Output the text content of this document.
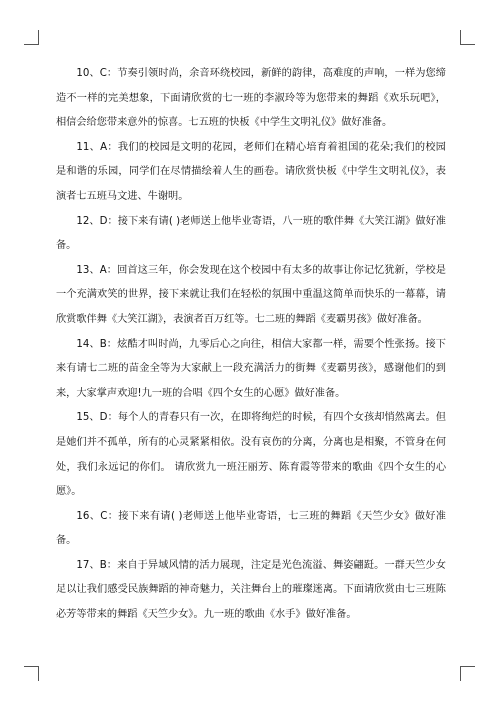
10、C：节奏引领时尚，余音环绕校园，新鲜的韵律，高难度的声响，一样为您缔造不一样的完美想象，下面请欣赏的七一班的李淑玲等为您带来的舞蹈《欢乐玩吧》，相信会给您带来意外的惊喜。七五班的快板《中学生文明礼仪》做好准备。

11、A：我们的校园是文明的花园，老师们在精心培育着祖国的花朵;我们的校园是和谐的乐园，同学们在尽情描绘着人生的画卷。请欣赏快板《中学生文明礼仪》，表演者七五班马文进、牛谢明。

12、D：接下来有请( )老师送上他毕业寄语，八一班的歌伴舞《大笑江湖》做好准备。

13、A：回首这三年，你会发现在这个校园中有太多的故事让你记忆犹新，学校是一个充满欢笑的世界，接下来就让我们在轻松的氛围中重温这简单而快乐的一幕幕，请欣赏歌伴舞《大笑江湖》，表演者百万红等。七二班的舞蹈《麦霸男孩》做好准备。

14、B：炫酷才叫时尚，九零后心之向往，相信大家都一样，需要个性张扬。接下来有请七二班的苗金全等为大家献上一段充满活力的街舞《麦霸男孩》，感谢他们的到来，大家掌声欢迎!九一班的合唱《四个女生的心愿》做好准备。

15、D：每个人的青春只有一次，在即将绚烂的时候，有四个女孩却悄然离去。但是她们并不孤单，所有的心灵紧紧相依。没有哀伤的分离，分离也是相聚，不管身在何处，我们永远记的你们。 请欣赏九一班汪丽芳、陈育霞等带来的歌曲《四个女生的心愿》。

16、C：接下来有请( )老师送上他毕业寄语，七三班的舞蹈《天竺少女》做好准备。

17、B：来自于异域风情的活力展现，注定是光色流溢、舞姿翩跹。一群天竺少女足以让我们感受民族舞蹈的神奇魅力，关注舞台上的璀璨迷离。下面请欣赏由七三班陈必芳等带来的舞蹈《天竺少女》。九一班的歌曲《水手》做好准备。
